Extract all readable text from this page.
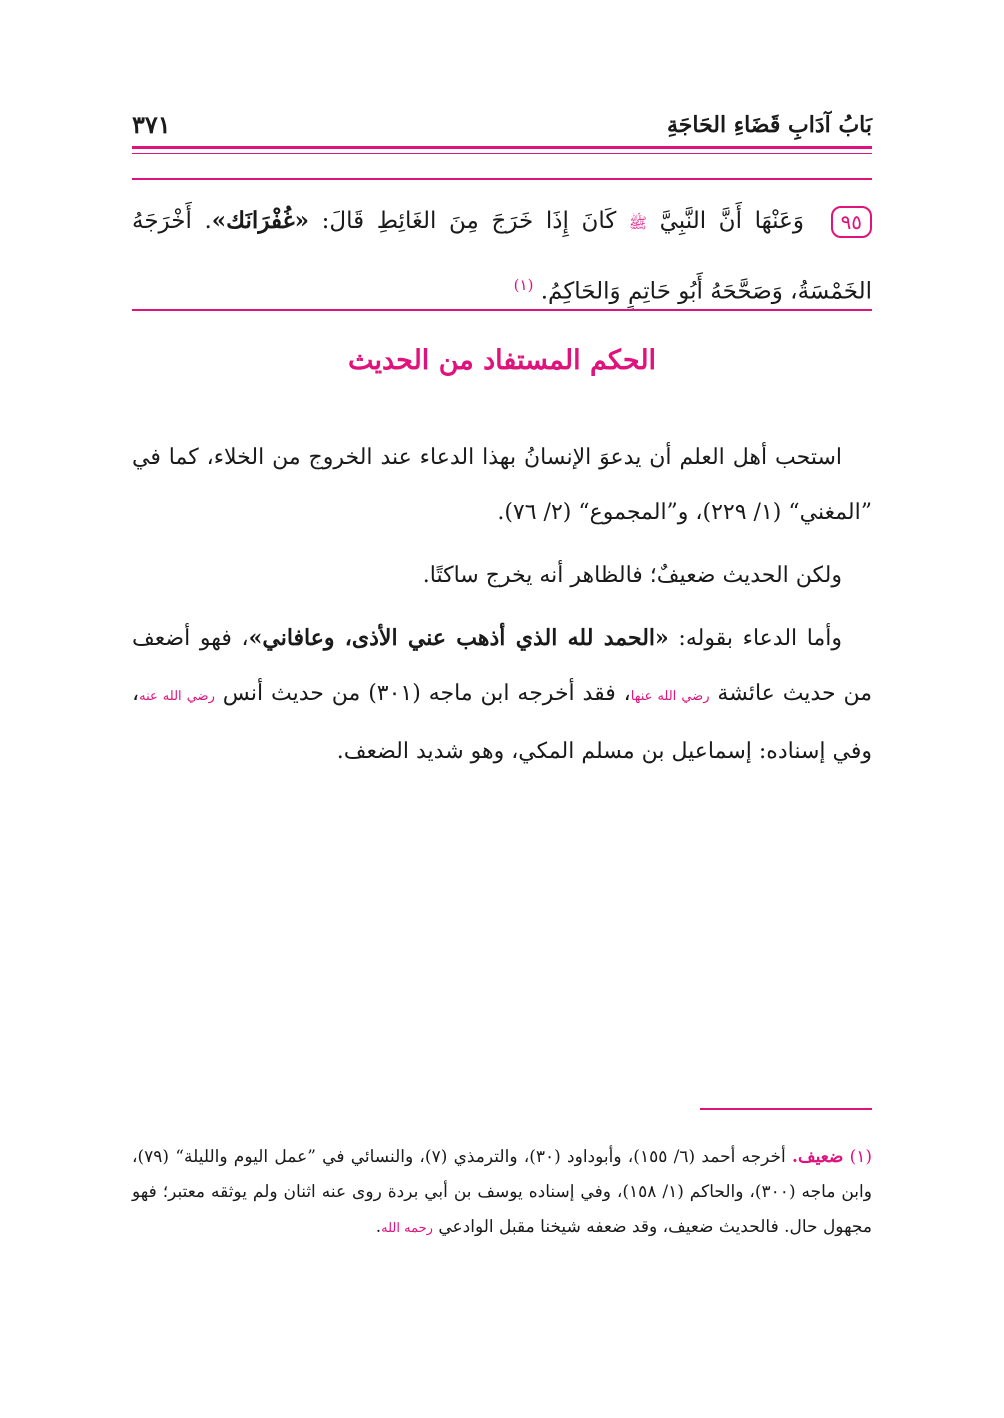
بَابُ آدَابِ قَضَاءِ الحَاجَةِ
٣٧١
٩٥ وَعَنْهَا أَنَّ النَّبِيَّ ﷺ كَانَ إِذَا خَرَجَ مِنَ الغَائِطِ قَالَ: «غُفْرَانَك». أَخْرَجَهُ الخَمْسَةُ، وَصَحَّحَهُ أَبُو حَاتِمٍ وَالحَاكِمُ. $^{(١)}$
الحكم المستفاد من الحديث

استحب أهل العلم أن يدعوَ الإنسانُ بهذا الدعاء عند الخروج من الخلاء، كما في ”المغني“ (١/ ٢٢٩)، و”المجموع“ (٢/ ٧٦).

ولكن الحديث ضعيفٌ؛ فالظاهر أنه يخرج ساكتًا.

وأما الدعاء بقوله: «الحمد لله الذي أذهب عني الأذى، وعافاني»، فهو أضعف من حديث عائشة رضي الله عنها، فقد أخرجه ابن ماجه (٣٠١) من حديث أنس رضي الله عنه، وفي إسناده: إسماعيل بن مسلم المكي، وهو شديد الضعف.

(١) ضعيف. أخرجه أحمد (٦/ ١٥٥)، وأبوداود (٣٠)، والترمذي (٧)، والنسائي في ”عمل اليوم والليلة“ (٧٩)، وابن ماجه (٣٠٠)، والحاكم (١/ ١٥٨)، وفي إسناده يوسف بن أبي بردة روى عنه اثنان ولم يوثقه معتبر؛ فهو مجهول حال. فالحديث ضعيف، وقد ضعفه شيخنا مقبل الوادعي رحمه الله.
